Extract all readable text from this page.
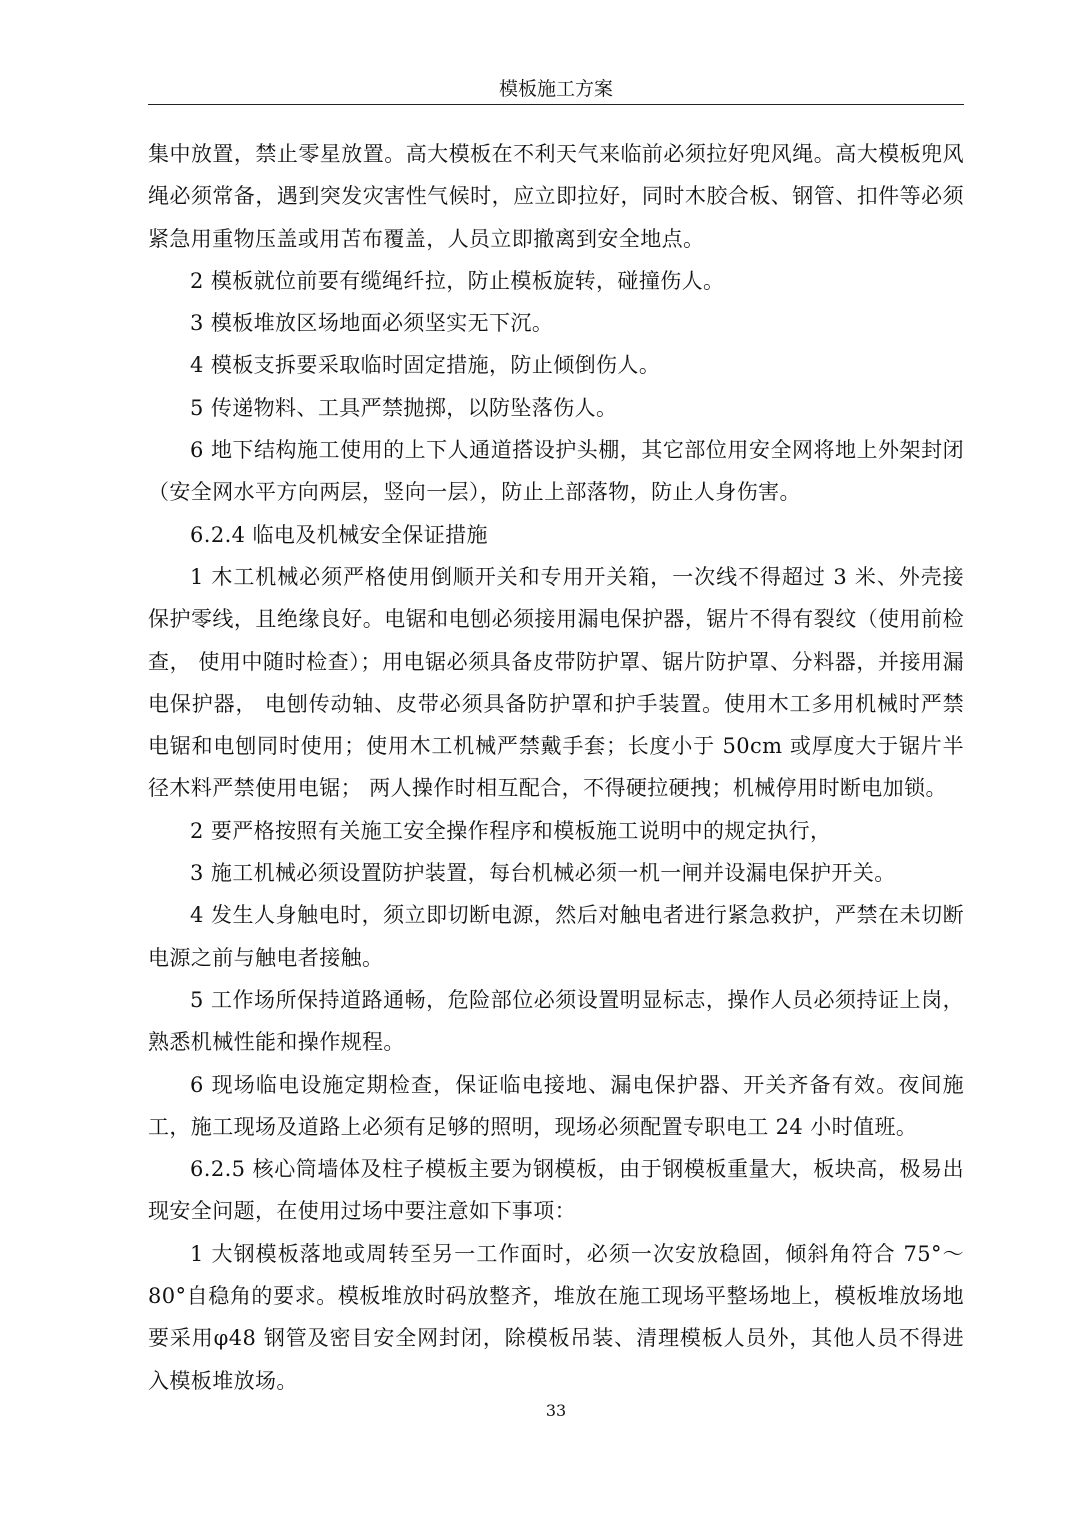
模板施工方案

集中放置，禁止零星放置。高大模板在不利天气来临前必须拉好兜风绳。高大模板兜风绳必须常备，遇到突发灾害性气候时，应立即拉好，同时木胶合板、钢管、扣件等必须紧急用重物压盖或用苫布覆盖，人员立即撤离到安全地点。

2 模板就位前要有缆绳纤拉，防止模板旋转，碰撞伤人。

3 模板堆放区场地面必须坚实无下沉。

4 模板支拆要采取临时固定措施，防止倾倒伤人。

5 传递物料、工具严禁抛掷，以防坠落伤人。

6 地下结构施工使用的上下人通道搭设护头棚，其它部位用安全网将地上外架封闭（安全网水平方向两层，竖向一层），防止上部落物，防止人身伤害。

6.2.4 临电及机械安全保证措施

1 木工机械必须严格使用倒顺开关和专用开关箱，一次线不得超过 3 米、外壳接保护零线，且绝缘良好。电锯和电刨必须接用漏电保护器，锯片不得有裂纹（使用前检查， 使用中随时检查）；用电锯必须具备皮带防护罩、锯片防护罩、分料器，并接用漏电保护器， 电刨传动轴、皮带必须具备防护罩和护手装置。使用木工多用机械时严禁电锯和电刨同时使用；使用木工机械严禁戴手套；长度小于 50cm 或厚度大于锯片半径木料严禁使用电锯； 两人操作时相互配合，不得硬拉硬拽；机械停用时断电加锁。

2 要严格按照有关施工安全操作程序和模板施工说明中的规定执行，

3 施工机械必须设置防护装置，每台机械必须一机一闸并设漏电保护开关。

4 发生人身触电时，须立即切断电源，然后对触电者进行紧急救护，严禁在未切断电源之前与触电者接触。

5 工作场所保持道路通畅，危险部位必须设置明显标志，操作人员必须持证上岗，熟悉机械性能和操作规程。

6 现场临电设施定期检查，保证临电接地、漏电保护器、开关齐备有效。夜间施工，施工现场及道路上必须有足够的照明，现场必须配置专职电工 24 小时值班。

6.2.5 核心筒墙体及柱子模板主要为钢模板，由于钢模板重量大，板块高，极易出现安全问题，在使用过场中要注意如下事项：

1 大钢模板落地或周转至另一工作面时，必须一次安放稳固，倾斜角符合 75°～80°自稳角的要求。模板堆放时码放整齐，堆放在施工现场平整场地上，模板堆放场地要采用φ48 钢管及密目安全网封闭，除模板吊装、清理模板人员外，其他人员不得进入模板堆放场。

33
